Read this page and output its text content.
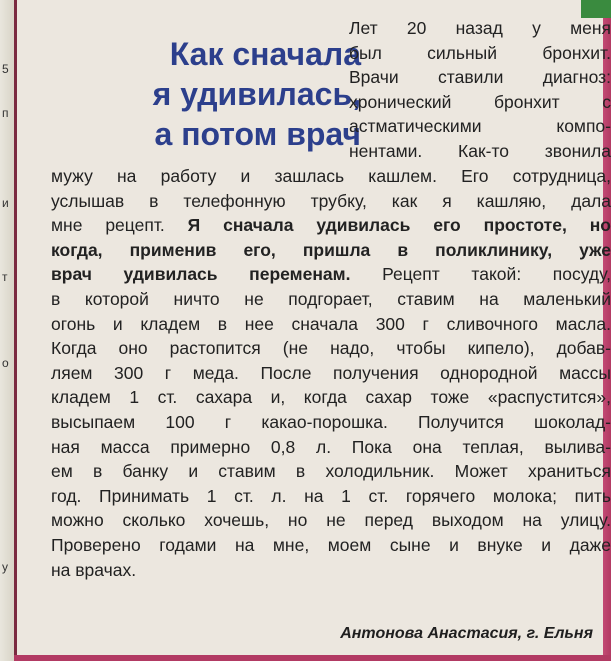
5
п
и
т
о
у
Как сначала
я удивилась,
а потом врач
Лет 20 назад у меня
был сильный бронхит.
Врачи ставили диагноз:
хронический бронхит с
астматическими компо-
нентами. Как-то звонила
мужу на работу и зашлась кашлем. Его сотрудница,
услышав в телефонную трубку, как я кашляю, дала
мне рецепт. Я сначала удивилась его простоте, но
когда, применив его, пришла в поликлинику, уже
врач удивилась переменам. Рецепт такой: посуду,
в которой ничто не подгорает, ставим на маленький
огонь и кладем в нее сначала 300 г сливочного масла.
Когда оно растопится (не надо, чтобы кипело), добав-
ляем 300 г меда. После получения однородной массы
кладем 1 ст. сахара и, когда сахар тоже «распустится»,
высыпаем 100 г какао-порошка. Получится шоколад-
ная масса примерно 0,8 л. Пока она теплая, вылива-
ем в банку и ставим в холодильник. Может храниться
год. Принимать 1 ст. л. на 1 ст. горячего молока; пить
можно сколько хочешь, но не перед выходом на улицу.
Проверено годами на мне, моем сыне и внуке и даже
на врачах.
Антонова Анастасия, г. Ельня
